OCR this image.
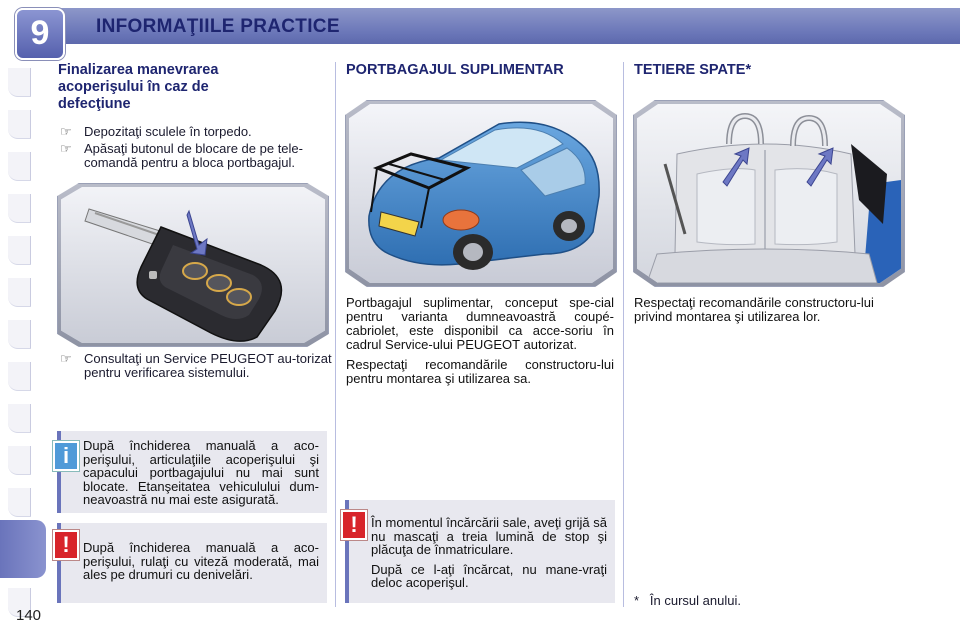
9	INFORMAŢIILE PRACTICE
140
Finalizarea manevrarea acoperişului în caz de defecţiune
☞ Depozitaţi sculele în torpedo.
☞ Apăsaţi butonul de blocare de pe tele-comandă pentru a bloca portbagajul.
☞ Consultaţi un Service PEUGEOT au-torizat pentru verificarea sistemului.
După închiderea manuală a aco-perişului, articulaţiile acoperişului şi capacului portbagajului nu mai sunt blocate. Etanşeitatea vehiculului dum-neavoastră nu mai este asigurată.
i
După închiderea manuală a aco-perişului, rulaţi cu viteză moderată, mai ales pe drumuri cu denivelări.
!
PORTBAGAJUL SUPLIMENTAR

Portbagajul suplimentar, conceput spe-cial pentru varianta dumneavoastră coupé-cabriolet, este disponibil ca acce-soriu în cadrul Service-ului PEUGEOT autorizat.

Respectaţi recomandările constructoru-lui pentru montarea şi utilizarea sa.

În momentul încărcării sale, aveţi grijă să nu mascaţi a treia lumină de stop şi plăcuţa de înmatriculare.
După ce l-aţi încărcat, nu mane-vraţi deloc acoperişul.
!
TETIERE SPATE*

Respectaţi recomandările constructoru-lui privind montarea şi utilizarea lor.

* În cursul anului.
